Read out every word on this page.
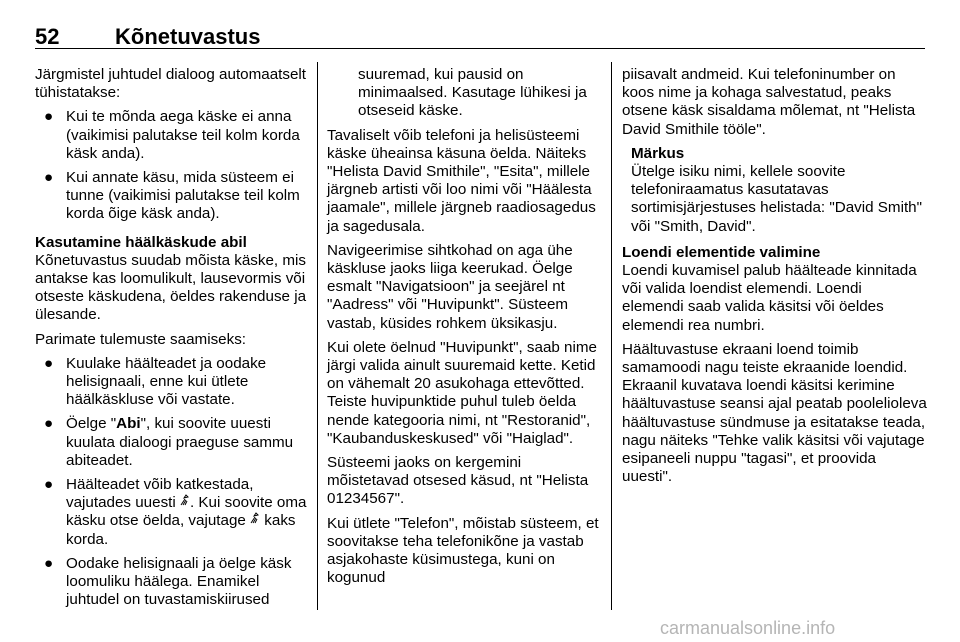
52	Kõnetuvastus

Järgmistel juhtudel dialoog automaatselt tühistatakse:

● Kui te mõnda aega käske ei anna (vaikimisi palutakse teil kolm korda käsk anda).
● Kui annate käsu, mida süsteem ei tunne (vaikimisi palutakse teil kolm korda õige käsk anda).

Kasutamine häälkäskude abil

Kõnetuvastus suudab mõista käske, mis antakse kas loomulikult, lausevormis või otseste käskudena, öeldes rakenduse ja ülesande.

Parimate tulemuste saamiseks:

● Kuulake häälteadet ja oodake helisignaali, enne kui ütlete häälkäskluse või vastate.
● Öelge "Abi", kui soovite uuesti kuulata dialoogi praeguse sammu abiteadet.
● Häälteadet võib katkestada, vajutades uuesti . Kui soovite oma käsku otse öelda, vajutage  kaks korda.
● Oodake helisignaali ja öelge käsk loomuliku häälega. Enamikel juhtudel on tuvastamiskiirused

suuremad, kui pausid on minimaalsed. Kasutage lühikesi ja otseseid käske.

Tavaliselt võib telefoni ja helisüsteemi käske üheainsa käsuna öelda. Näiteks "Helista David Smithile", "Esita", millele järgneb artisti või loo nimi või "Häälesta jaamale", millele järgneb raadiosagedus ja sagedusala.

Navigeerimise sihtkohad on aga ühe käskluse jaoks liiga keerukad. Öelge esmalt "Navigatsioon" ja seejärel nt "Aadress" või "Huvipunkt". Süsteem vastab, küsides rohkem üksikasju.

Kui olete öelnud "Huvipunkt", saab nime järgi valida ainult suuremaid kette. Ketid on vähemalt 20 asukohaga ettevõtted. Teiste huvipunktide puhul tuleb öelda nende kategooria nimi, nt "Restoranid", "Kaubanduskeskused" või "Haiglad".

Süsteemi jaoks on kergemini mõistetavad otsesed käsud, nt "Helista 01234567".

Kui ütlete "Telefon", mõistab süsteem, et soovitakse teha telefonikõne ja vastab asjakohaste küsimustega, kuni on kogunud

piisavalt andmeid. Kui telefoninumber on koos nime ja kohaga salvestatud, peaks otsene käsk sisaldama mõlemat, nt "Helista David Smithile tööle".

Märkus
Ütelge isiku nimi, kellele soovite telefoniraamatus kasutatavas sortimisjärjestuses helistada: "David Smith" või "Smith, David".

Loendi elementide valimine

Loendi kuvamisel palub häälteade kinnitada või valida loendist elemendi. Loendi elemendi saab valida käsitsi või öeldes elemendi rea numbri.

Häältuvastuse ekraani loend toimib samamoodi nagu teiste ekraanide loendid. Ekraanil kuvatava loendi käsitsi kerimine häältuvastuse seansi ajal peatab poolelioleva häältuvastuse sündmuse ja esitatakse teada, nagu näiteks "Tehke valik käsitsi või vajutage esipaneeli nuppu "tagasi", et proovida uuesti".

carmanualsonline.info
